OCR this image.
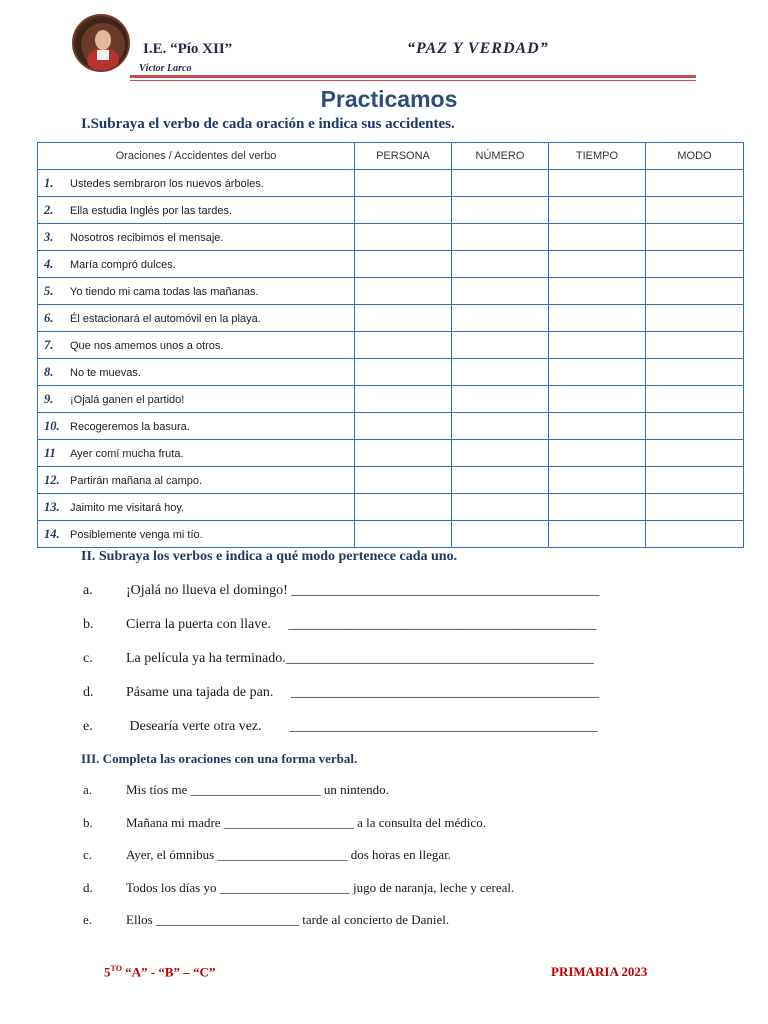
I.E. “Pío XII”
Víctor Larco
“PAZ Y VERDAD”
Practicamos
I.Subraya el verbo de cada oración e indica sus accidentes.
Oraciones / Accidentes del verbo	PERSONA	NÚMERO	TIEMPO	MODO
1. Ustedes sembraron los nuevos árboles.				
2. Ella estudia Inglés por las tardes.				
3. Nosotros recibimos el mensaje.				
4. María compró dulces.				
5. Yo tiendo mi cama todas las mañanas.				
6. Él estacionará el automóvil en la playa.				
7. Que nos amemos unos a otros.				
8. No te muevas.				
9. ¡Ojalá ganen el partido!				
10. Recogeremos la basura.				
11 Ayer comí mucha fruta.				
12. Partirán mañana al campo.				
13. Jaimito me visitará hoy.				
14. Posiblemente venga mi tío.				
II. Subraya los verbos e indica a qué modo pertenece cada uno.
a. ¡Ojalá no llueva el domingo! ____________________________________________
b. Cierra la puerta con llave.     ____________________________________________
c. La película ya ha terminado.____________________________________________
d. Pásame una tajada de pan.     ____________________________________________
e. Desearía verte otra vez.        ____________________________________________
III. Completa las oraciones con una forma verbal.
a.	Mis tíos me ____________________ un nintendo.
b.	Mañana mi madre ____________________ a la consulta del médico.
c.	Ayer, el ómnibus ____________________ dos horas en llegar.
d.	Todos los días yo ____________________ jugo de naranja, leche y cereal.
e.	Ellos ______________________ tarde al concierto de Daniel.
$5^{TO}$ “A” - “B” – “C”	PRIMARIA 2023
